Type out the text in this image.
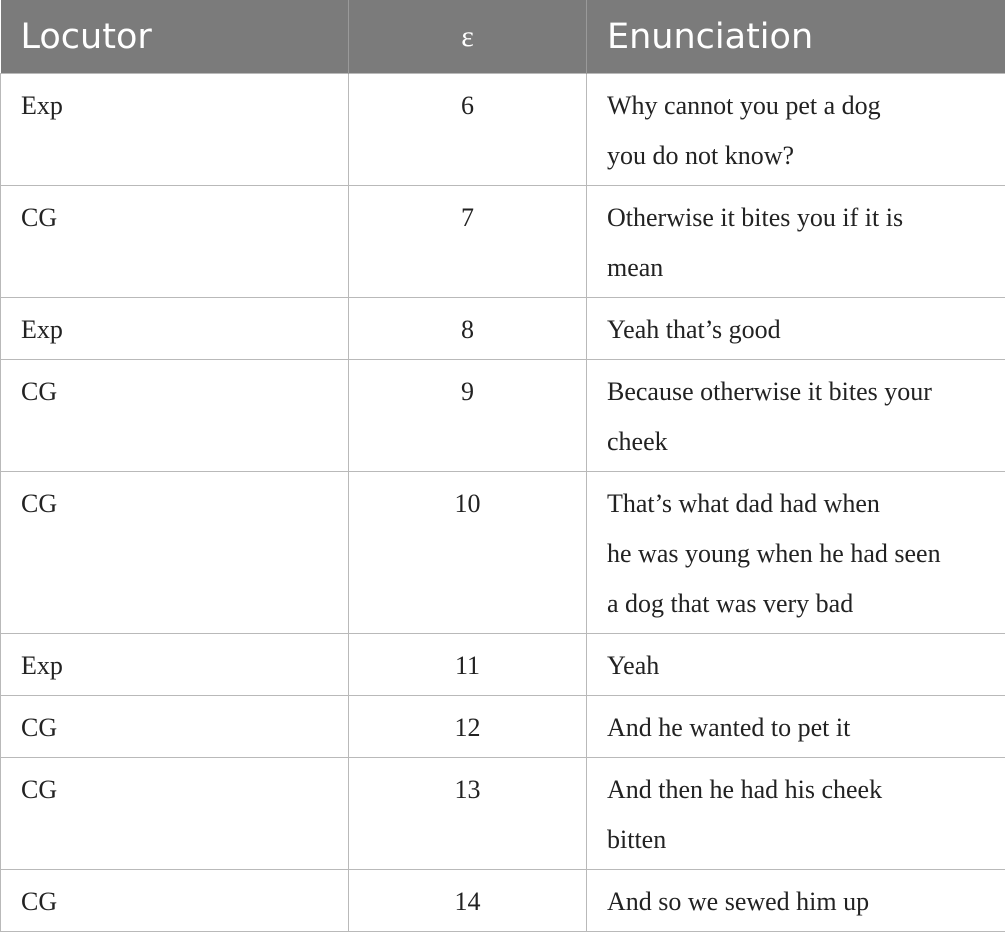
Locutor	ε	Enunciation
Exp	6	Why cannot you pet a dog
you do not know?

CG	7	Otherwise it bites you if it is
mean

Exp	8	Yeah that’s good

CG	9	Because otherwise it bites your
cheek

CG	10	That’s what dad had when
he was young when he had seen
a dog that was very bad

Exp	11	Yeah

CG	12	And he wanted to pet it

CG	13	And then he had his cheek
bitten

CG	14	And so we sewed him up
